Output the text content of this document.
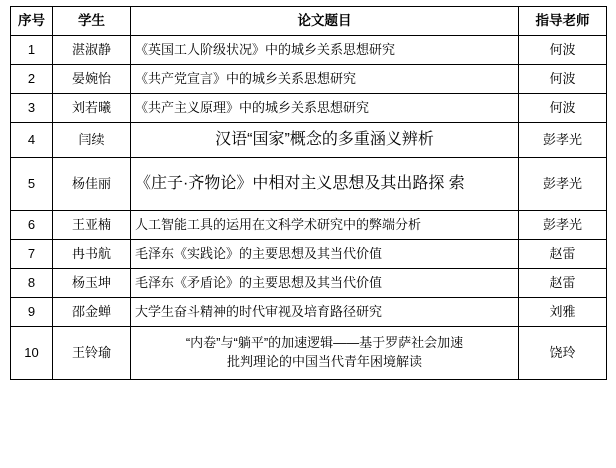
序号	学生	论文题目	指导老师
1	湛淑静	《英国工人阶级状况》中的城乡关系思想研究	何波
2	晏婉怡	《共产党宣言》中的城乡关系思想研究	何波
3	刘若曦	《共产主义原理》中的城乡关系思想研究	何波
4	闫续	汉语“国家”概念的多重涵义辨析	彭孝光
5	杨佳丽	《庄子·齐物论》中相对主义思想及其出路探 索	彭孝光
6	王亚楠	人工智能工具的运用在文科学术研究中的弊端分析	彭孝光
7	冉书航	毛泽东《实践论》的主要思想及其当代价值	赵雷
8	杨玉坤	毛泽东《矛盾论》的主要思想及其当代价值	赵雷
9	邵金蝉	大学生奋斗精神的时代审视及培育路径研究	刘雅
10	王铃瑜	“内卷”与“躺平”的加速逻辑——基于罗萨社会加速
批判理论的中国当代青年困境解读	饶玲
